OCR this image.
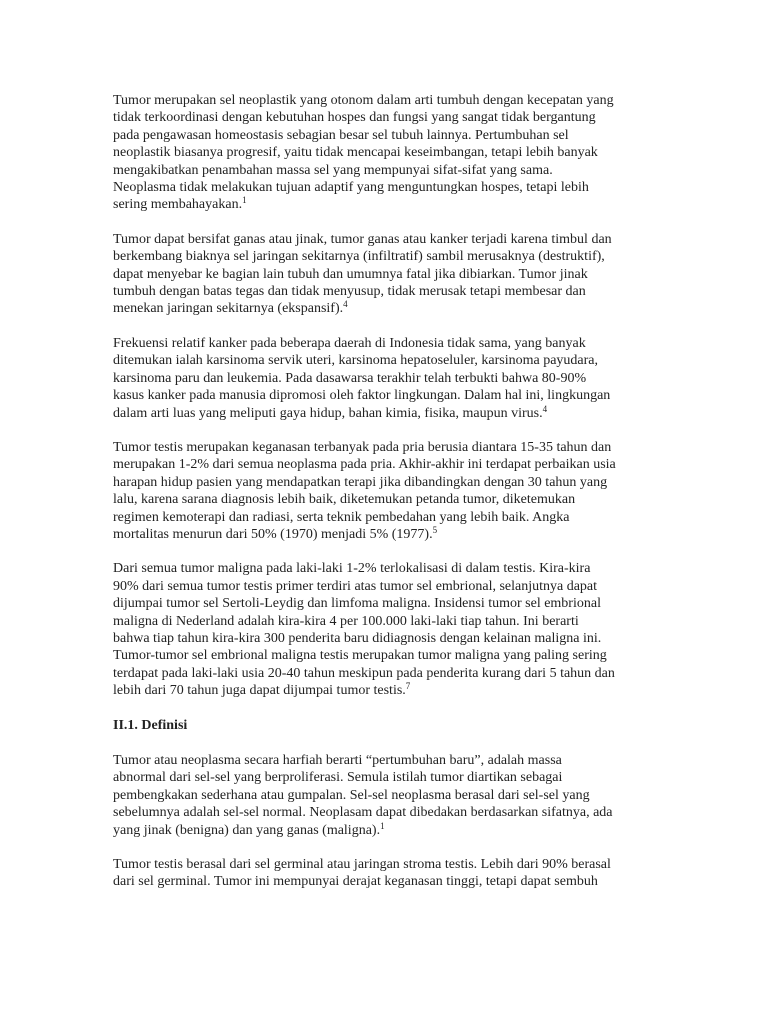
Tumor merupakan sel neoplastik yang otonom dalam arti tumbuh dengan kecepatan yang
tidak terkoordinasi dengan kebutuhan hospes dan fungsi yang sangat tidak bergantung
pada pengawasan homeostasis sebagian besar sel tubuh lainnya. Pertumbuhan sel
neoplastik biasanya progresif, yaitu tidak mencapai keseimbangan, tetapi lebih banyak
mengakibatkan penambahan massa sel yang mempunyai sifat-sifat yang sama.
Neoplasma tidak melakukan tujuan adaptif yang menguntungkan hospes, tetapi lebih
sering membahayakan.$^1$
Tumor dapat bersifat ganas atau jinak, tumor ganas atau kanker terjadi karena timbul dan
berkembang biaknya sel jaringan sekitarnya (infiltratif) sambil merusaknya (destruktif),
dapat menyebar ke bagian lain tubuh dan umumnya fatal jika dibiarkan. Tumor jinak
tumbuh dengan batas tegas dan tidak menyusup, tidak merusak tetapi membesar dan
menekan jaringan sekitarnya (ekspansif).$^4$
Frekuensi relatif kanker pada beberapa daerah di Indonesia tidak sama, yang banyak
ditemukan ialah karsinoma servik uteri, karsinoma hepatoseluler, karsinoma payudara,
karsinoma paru dan leukemia. Pada dasawarsa terakhir telah terbukti bahwa 80-90%
kasus kanker pada manusia dipromosi oleh faktor lingkungan. Dalam hal ini, lingkungan
dalam arti luas yang meliputi gaya hidup, bahan kimia, fisika, maupun virus.$^4$
Tumor testis merupakan keganasan terbanyak pada pria berusia diantara 15-35 tahun dan
merupakan 1-2% dari semua neoplasma pada pria. Akhir-akhir ini terdapat perbaikan usia
harapan hidup pasien yang mendapatkan terapi jika dibandingkan dengan 30 tahun yang
lalu, karena sarana diagnosis lebih baik, diketemukan petanda tumor, diketemukan
regimen kemoterapi dan radiasi, serta teknik pembedahan yang lebih baik. Angka
mortalitas menurun dari 50% (1970) menjadi 5% (1977).$^5$
Dari semua tumor maligna pada laki-laki 1-2% terlokalisasi di dalam testis. Kira-kira
90% dari semua tumor testis primer terdiri atas tumor sel embrional, selanjutnya dapat
dijumpai tumor sel Sertoli-Leydig dan limfoma maligna. Insidensi tumor sel embrional
maligna di Nederland adalah kira-kira 4 per 100.000 laki-laki tiap tahun. Ini berarti
bahwa tiap tahun kira-kira 300 penderita baru didiagnosis dengan kelainan maligna ini.
Tumor-tumor sel embrional maligna testis merupakan tumor maligna yang paling sering
terdapat pada laki-laki usia 20-40 tahun meskipun pada penderita kurang dari 5 tahun dan
lebih dari 70 tahun juga dapat dijumpai tumor testis.$^7$
II.1. Definisi
Tumor atau neoplasma secara harfiah berarti “pertumbuhan baru”, adalah massa
abnormal dari sel-sel yang berproliferasi. Semula istilah tumor diartikan sebagai
pembengkakan sederhana atau gumpalan. Sel-sel neoplasma berasal dari sel-sel yang
sebelumnya adalah sel-sel normal. Neoplasam dapat dibedakan berdasarkan sifatnya, ada
yang jinak (benigna) dan yang ganas (maligna).$^1$
Tumor testis berasal dari sel germinal atau jaringan stroma testis. Lebih dari 90% berasal
dari sel germinal. Tumor ini mempunyai derajat keganasan tinggi, tetapi dapat sembuh
